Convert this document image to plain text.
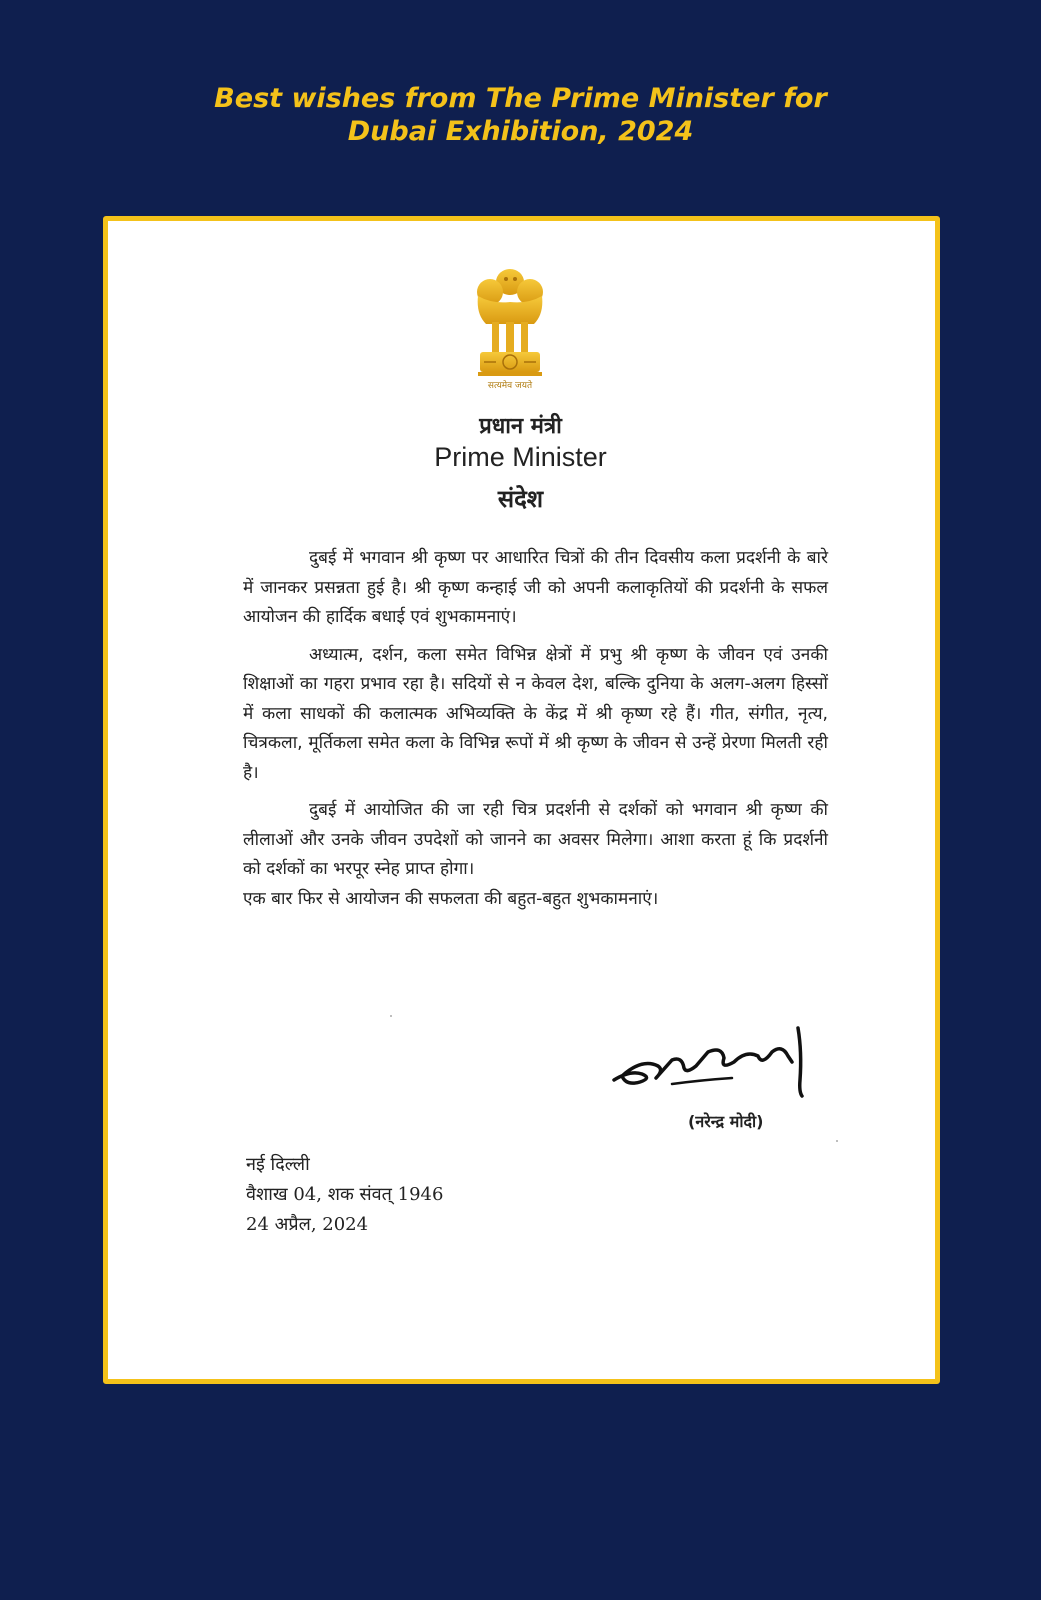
Best wishes from The Prime Minister for
Dubai Exhibition, 2024
सत्यमेव जयते
प्रधान मंत्री
Prime Minister
संदेश

दुबई में भगवान श्री कृष्ण पर आधारित चित्रों की तीन दिवसीय कला प्रदर्शनी के बारे में जानकर प्रसन्नता हुई है। श्री कृष्ण कन्हाई जी को अपनी कलाकृतियों की प्रदर्शनी के सफल आयोजन की हार्दिक बधाई एवं शुभकामनाएं।

अध्यात्म, दर्शन, कला समेत विभिन्न क्षेत्रों में प्रभु श्री कृष्ण के जीवन एवं उनकी शिक्षाओं का गहरा प्रभाव रहा है। सदियों से न केवल देश, बल्कि दुनिया के अलग-अलग हिस्सों में कला साधकों की कलात्मक अभिव्यक्ति के केंद्र में श्री कृष्ण रहे हैं। गीत, संगीत, नृत्य, चित्रकला, मूर्तिकला समेत कला के विभिन्न रूपों में श्री कृष्ण के जीवन से उन्हें प्रेरणा मिलती रही है।

दुबई में आयोजित की जा रही चित्र प्रदर्शनी से दर्शकों को भगवान श्री कृष्ण की लीलाओं और उनके जीवन उपदेशों को जानने का अवसर मिलेगा। आशा करता हूं कि प्रदर्शनी को दर्शकों का भरपूर स्नेह प्राप्त होगा।

एक बार फिर से आयोजन की सफलता की बहुत-बहुत शुभकामनाएं।

(नरेन्द्र मोदी)
नई दिल्ली
वैशाख 04, शक संवत् 1946
24 अप्रैल, 2024
